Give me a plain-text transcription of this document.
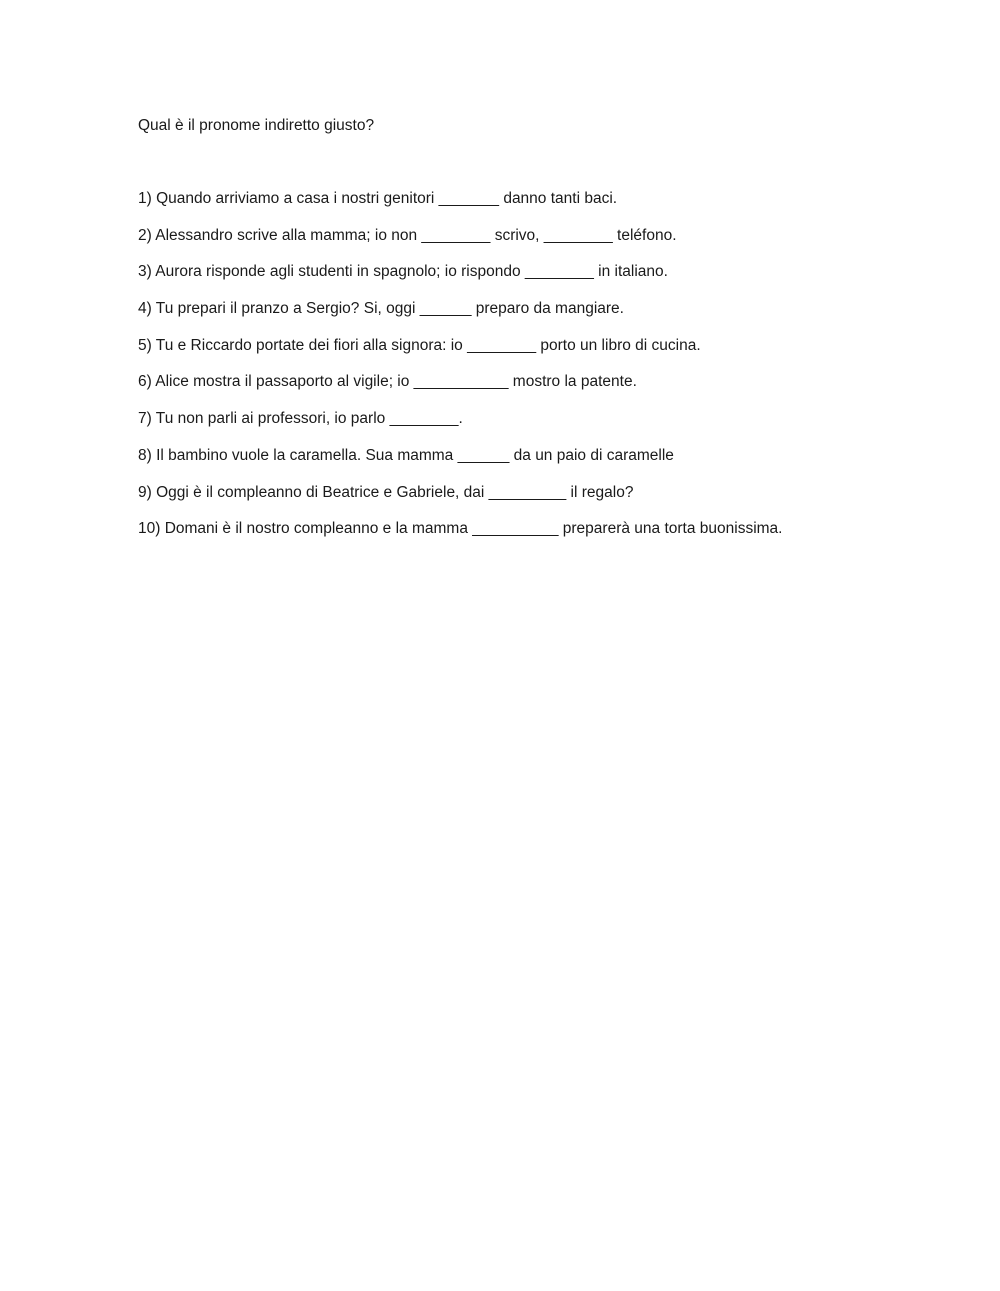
Qual è il pronome indiretto giusto?
1) Quando arriviamo a casa i nostri genitori _______ danno tanti baci.
2) Alessandro scrive alla mamma; io non ________ scrivo, ________ teléfono.
3) Aurora risponde agli studenti in spagnolo; io rispondo ________ in italiano.
4) Tu prepari il pranzo a Sergio? Si, oggi ______ preparo da mangiare.
5) Tu e Riccardo portate dei fiori alla signora: io ________ porto un libro di cucina.
6) Alice mostra il passaporto al vigile; io ___________ mostro la patente.
7) Tu non parli ai professori, io parlo ________.
8) Il bambino vuole la caramella. Sua mamma ______ da un paio di caramelle
9) Oggi è il compleanno di Beatrice e Gabriele, dai _________ il regalo?
10) Domani è il nostro compleanno e la mamma __________ preparerà una torta buonissima.
